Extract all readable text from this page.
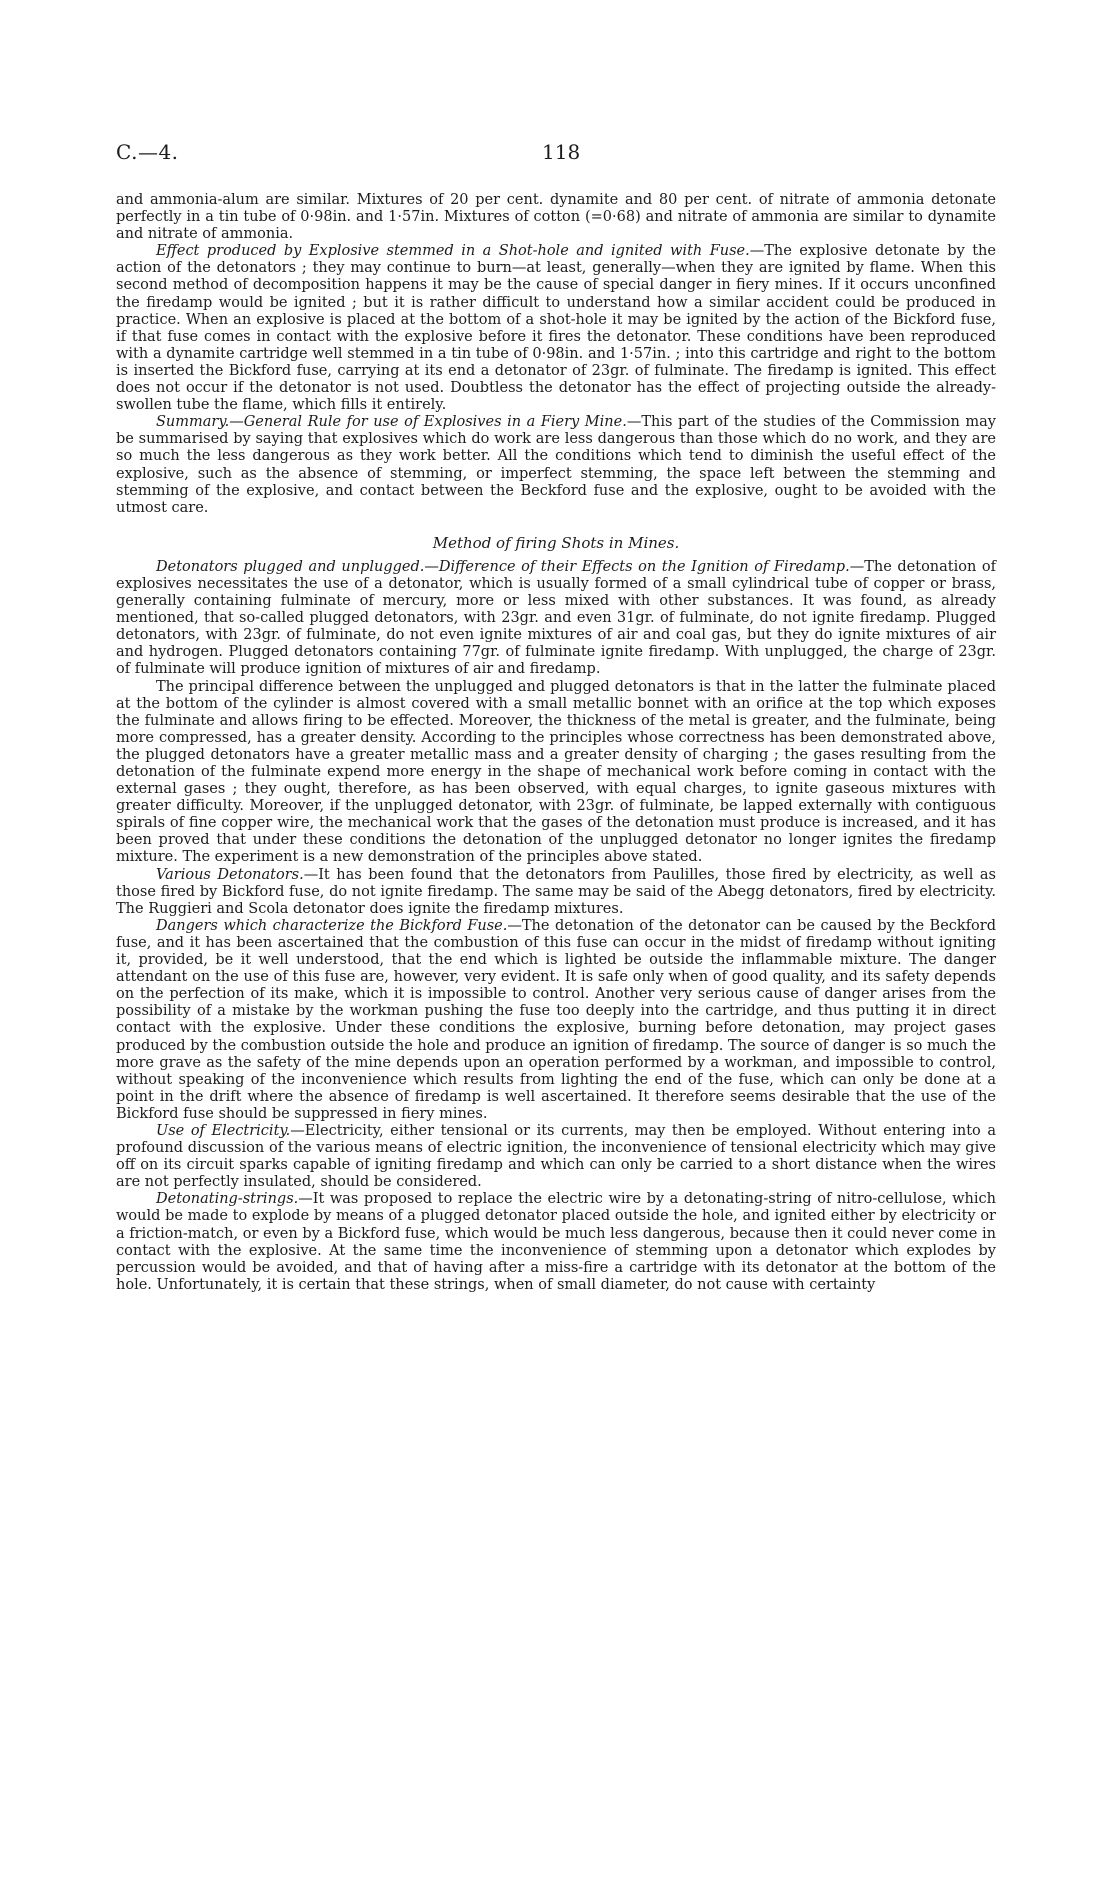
C.—4.	118

and ammonia-alum are similar. Mixtures of 20 per cent. dynamite and 80 per cent. of nitrate of ammonia detonate perfectly in a tin tube of 0·98in. and 1·57in. Mixtures of cotton (=0·68) and nitrate of ammonia are similar to dynamite and nitrate of ammonia.

Effect produced by Explosive stemmed in a Shot-hole and ignited with Fuse.—The explosive detonate by the action of the detonators ; they may continue to burn—at least, generally—when they are ignited by flame. When this second method of decomposition happens it may be the cause of special danger in fiery mines. If it occurs unconfined the firedamp would be ignited ; but it is rather difficult to understand how a similar accident could be produced in practice. When an explosive is placed at the bottom of a shot-hole it may be ignited by the action of the Bickford fuse, if that fuse comes in contact with the explosive before it fires the detonator. These conditions have been reproduced with a dynamite cartridge well stemmed in a tin tube of 0·98in. and 1·57in. ; into this cartridge and right to the bottom is inserted the Bickford fuse, carrying at its end a detonator of 23gr. of fulminate. The firedamp is ignited. This effect does not occur if the detonator is not used. Doubtless the detonator has the effect of projecting outside the already-swollen tube the flame, which fills it entirely.

Summary.—General Rule for use of Explosives in a Fiery Mine.—This part of the studies of the Commission may be summarised by saying that explosives which do work are less dangerous than those which do no work, and they are so much the less dangerous as they work better. All the conditions which tend to diminish the useful effect of the explosive, such as the absence of stemming, or imperfect stemming, the space left between the stemming and stemming of the explosive, and contact between the Beckford fuse and the explosive, ought to be avoided with the utmost care.

Method of firing Shots in Mines.

Detonators plugged and unplugged.—Difference of their Effects on the Ignition of Firedamp.—The detonation of explosives necessitates the use of a detonator, which is usually formed of a small cylindrical tube of copper or brass, generally containing fulminate of mercury, more or less mixed with other substances. It was found, as already mentioned, that so-called plugged detonators, with 23gr. and even 31gr. of fulminate, do not ignite firedamp. Plugged detonators, with 23gr. of fulminate, do not even ignite mixtures of air and coal gas, but they do ignite mixtures of air and hydrogen. Plugged detonators containing 77gr. of fulminate ignite firedamp. With unplugged, the charge of 23gr. of fulminate will produce ignition of mixtures of air and firedamp.

The principal difference between the unplugged and plugged detonators is that in the latter the fulminate placed at the bottom of the cylinder is almost covered with a small metallic bonnet with an orifice at the top which exposes the fulminate and allows firing to be effected. Moreover, the thickness of the metal is greater, and the fulminate, being more compressed, has a greater density. According to the principles whose correctness has been demonstrated above, the plugged detonators have a greater metallic mass and a greater density of charging ; the gases resulting from the detonation of the fulminate expend more energy in the shape of mechanical work before coming in contact with the external gases ; they ought, therefore, as has been observed, with equal charges, to ignite gaseous mixtures with greater difficulty. Moreover, if the unplugged detonator, with 23gr. of fulminate, be lapped externally with contiguous spirals of fine copper wire, the mechanical work that the gases of the detonation must produce is increased, and it has been proved that under these conditions the detonation of the unplugged detonator no longer ignites the firedamp mixture. The experiment is a new demonstration of the principles above stated.

Various Detonators.—It has been found that the detonators from Paulilles, those fired by electricity, as well as those fired by Bickford fuse, do not ignite firedamp. The same may be said of the Abegg detonators, fired by electricity. The Ruggieri and Scola detonator does ignite the firedamp mixtures.

Dangers which characterize the Bickford Fuse.—The detonation of the detonator can be caused by the Beckford fuse, and it has been ascertained that the combustion of this fuse can occur in the midst of firedamp without igniting it, provided, be it well understood, that the end which is lighted be outside the inflammable mixture. The danger attendant on the use of this fuse are, however, very evident. It is safe only when of good quality, and its safety depends on the perfection of its make, which it is impossible to control. Another very serious cause of danger arises from the possibility of a mistake by the workman pushing the fuse too deeply into the cartridge, and thus putting it in direct contact with the explosive. Under these conditions the explosive, burning before detonation, may project gases produced by the combustion outside the hole and produce an ignition of firedamp. The source of danger is so much the more grave as the safety of the mine depends upon an operation performed by a workman, and impossible to control, without speaking of the inconvenience which results from lighting the end of the fuse, which can only be done at a point in the drift where the absence of firedamp is well ascertained. It therefore seems desirable that the use of the Bickford fuse should be suppressed in fiery mines.

Use of Electricity.—Electricity, either tensional or its currents, may then be employed. Without entering into a profound discussion of the various means of electric ignition, the inconvenience of tensional electricity which may give off on its circuit sparks capable of igniting firedamp and which can only be carried to a short distance when the wires are not perfectly insulated, should be considered.

Detonating-strings.—It was proposed to replace the electric wire by a detonating-string of nitro-cellulose, which would be made to explode by means of a plugged detonator placed outside the hole, and ignited either by electricity or a friction-match, or even by a Bickford fuse, which would be much less dangerous, because then it could never come in contact with the explosive. At the same time the inconvenience of stemming upon a detonator which explodes by percussion would be avoided, and that of having after a miss-fire a cartridge with its detonator at the bottom of the hole. Unfortunately, it is certain that these strings, when of small diameter, do not cause with certainty
